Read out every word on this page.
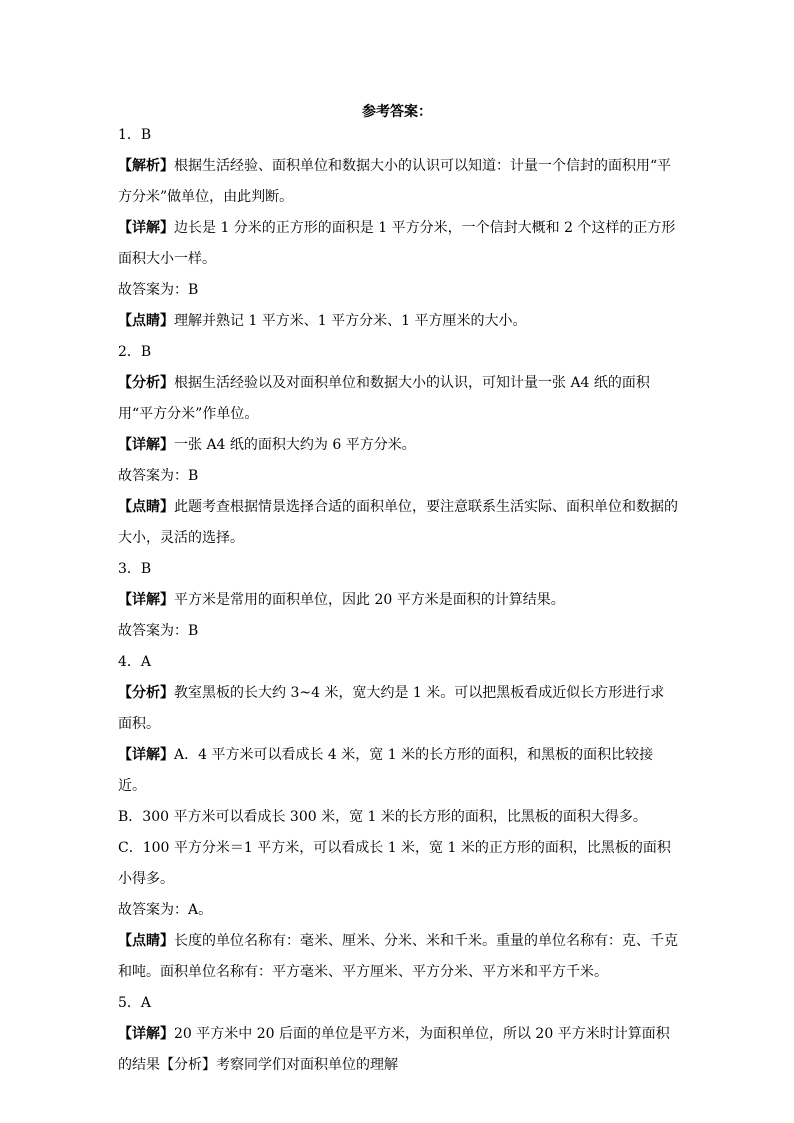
参考答案：
1．B
【解析】根据生活经验、面积单位和数据大小的认识可以知道：计量一个信封的面积用“平方分米”做单位，由此判断。
【详解】边长是 1 分米的正方形的面积是 1 平方分米，一个信封大概和 2 个这样的正方形面积大小一样。
故答案为：B
【点睛】理解并熟记 1 平方米、1 平方分米、1 平方厘米的大小。
2．B
【分析】根据生活经验以及对面积单位和数据大小的认识，可知计量一张 A4 纸的面积用“平方分米”作单位。
【详解】一张 A4 纸的面积大约为 6 平方分米。
故答案为：B
【点睛】此题考查根据情景选择合适的面积单位，要注意联系生活实际、面积单位和数据的大小，灵活的选择。
3．B
【详解】平方米是常用的面积单位，因此 20 平方米是面积的计算结果。
故答案为：B
4．A
【分析】教室黑板的长大约 3~4 米，宽大约是 1 米。可以把黑板看成近似长方形进行求面积。
【详解】A．4 平方米可以看成长 4 米，宽 1 米的长方形的面积，和黑板的面积比较接近。
B．300 平方米可以看成长 300 米，宽 1 米的长方形的面积，比黑板的面积大得多。
C．100 平方分米＝1 平方米，可以看成长 1 米，宽 1 米的正方形的面积，比黑板的面积小得多。
故答案为：A。
【点睛】长度的单位名称有：毫米、厘米、分米、米和千米。重量的单位名称有：克、千克和吨。面积单位名称有：平方毫米、平方厘米、平方分米、平方米和平方千米。
5．A
【详解】20 平方米中 20 后面的单位是平方米，为面积单位，所以 20 平方米时计算面积的结果【分析】考察同学们对面积单位的理解
